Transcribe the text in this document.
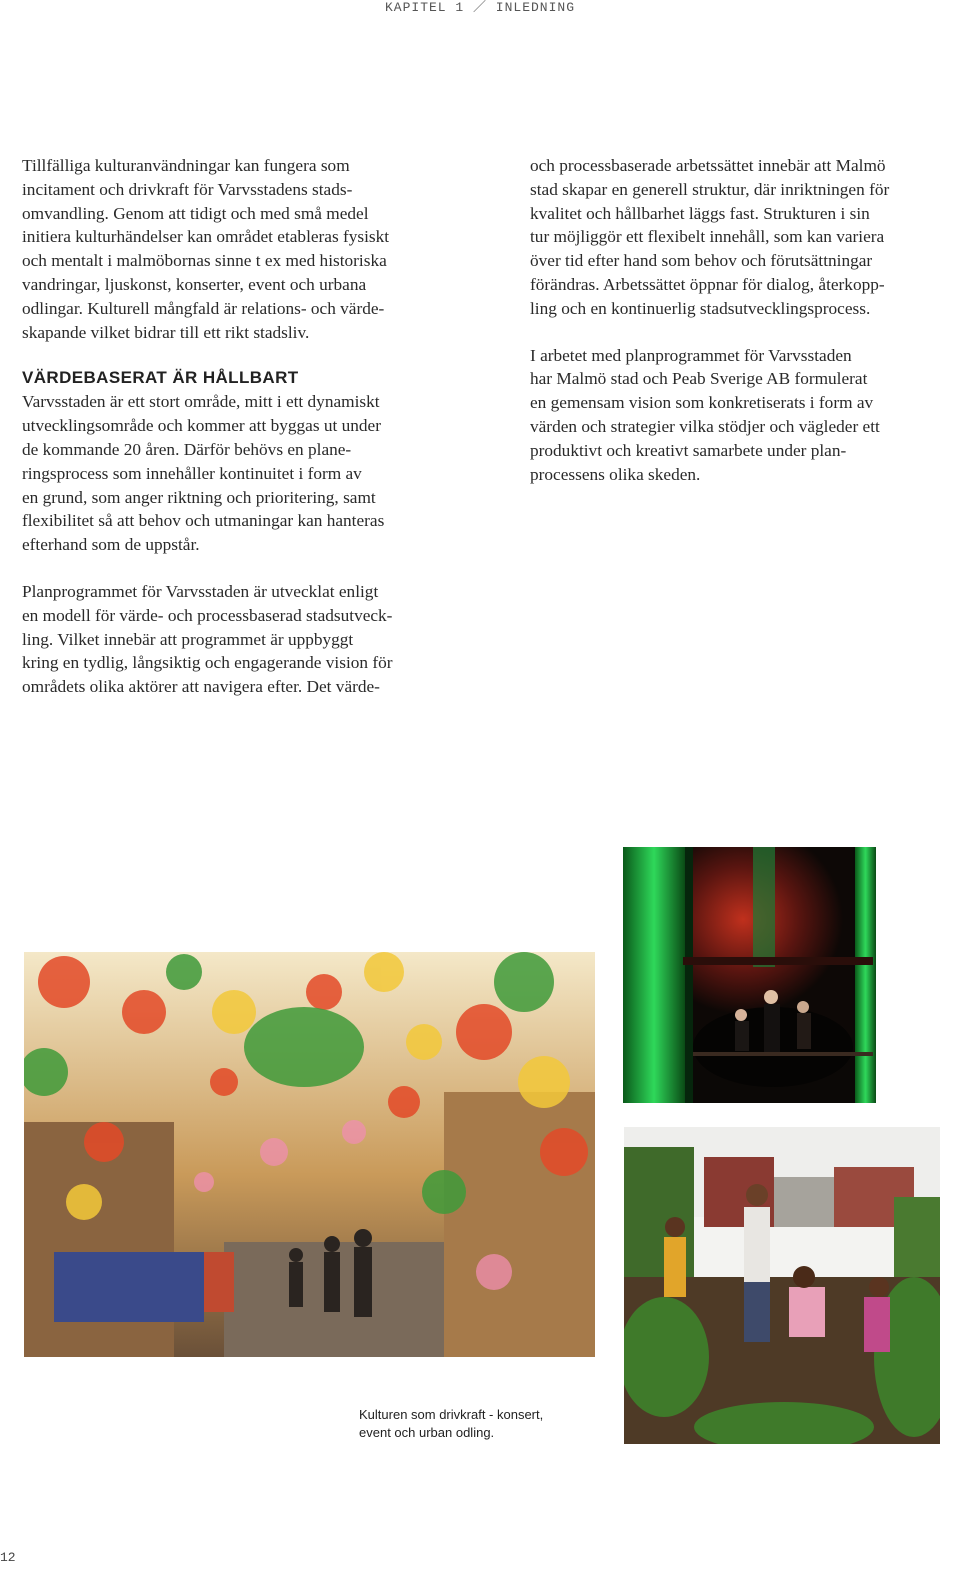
KAPITEL 1 ／ INLEDNING
Tillfälliga kulturanvändningar kan fungera som
incitament och drivkraft för Varvsstadens stads-
omvandling. Genom att tidigt och med små medel
initiera kulturhändelser kan området etableras fysiskt
och mentalt i malmöbornas sinne t ex med historiska
vandringar, ljuskonst, konserter, event och urbana
odlingar. Kulturell mångfald är relations- och värde-
skapande vilket bidrar till ett rikt stadsliv.
VÄRDEBASERAT ÄR HÅLLBART
Varvsstaden är ett stort område, mitt i ett dynamiskt
utvecklingsområde och kommer att byggas ut under
de kommande 20 åren. Därför behövs en plane-
ringsprocess som innehåller kontinuitet i form av
en grund, som anger riktning och prioritering, samt
flexibilitet så att behov och utmaningar kan hanteras
efterhand som de uppstår.
Planprogrammet för Varvsstaden är utvecklat enligt
en modell för värde- och processbaserad stadsutveck-
ling. Vilket innebär att programmet är uppbyggt
kring en tydlig, långsiktig och engagerande vision för
områdets olika aktörer att navigera efter. Det värde-
och processbaserade arbetssättet innebär att Malmö
stad skapar en generell struktur, där inriktningen för
kvalitet och hållbarhet läggs fast. Strukturen i sin
tur möjliggör ett flexibelt innehåll, som kan variera
över tid efter hand som behov och förutsättningar
förändras. Arbetssättet öppnar för dialog, återkopp-
ling och en kontinuerlig stadsutvecklingsprocess.
I arbetet med planprogrammet för Varvsstaden
har Malmö stad och Peab Sverige AB formulerat
en gemensam vision som konkretiserats i form av
värden och strategier vilka stödjer och vägleder ett
produktivt och kreativt samarbete under plan-
processens olika skeden.
Kulturen som drivkraft - konsert,
event och urban odling.
12
